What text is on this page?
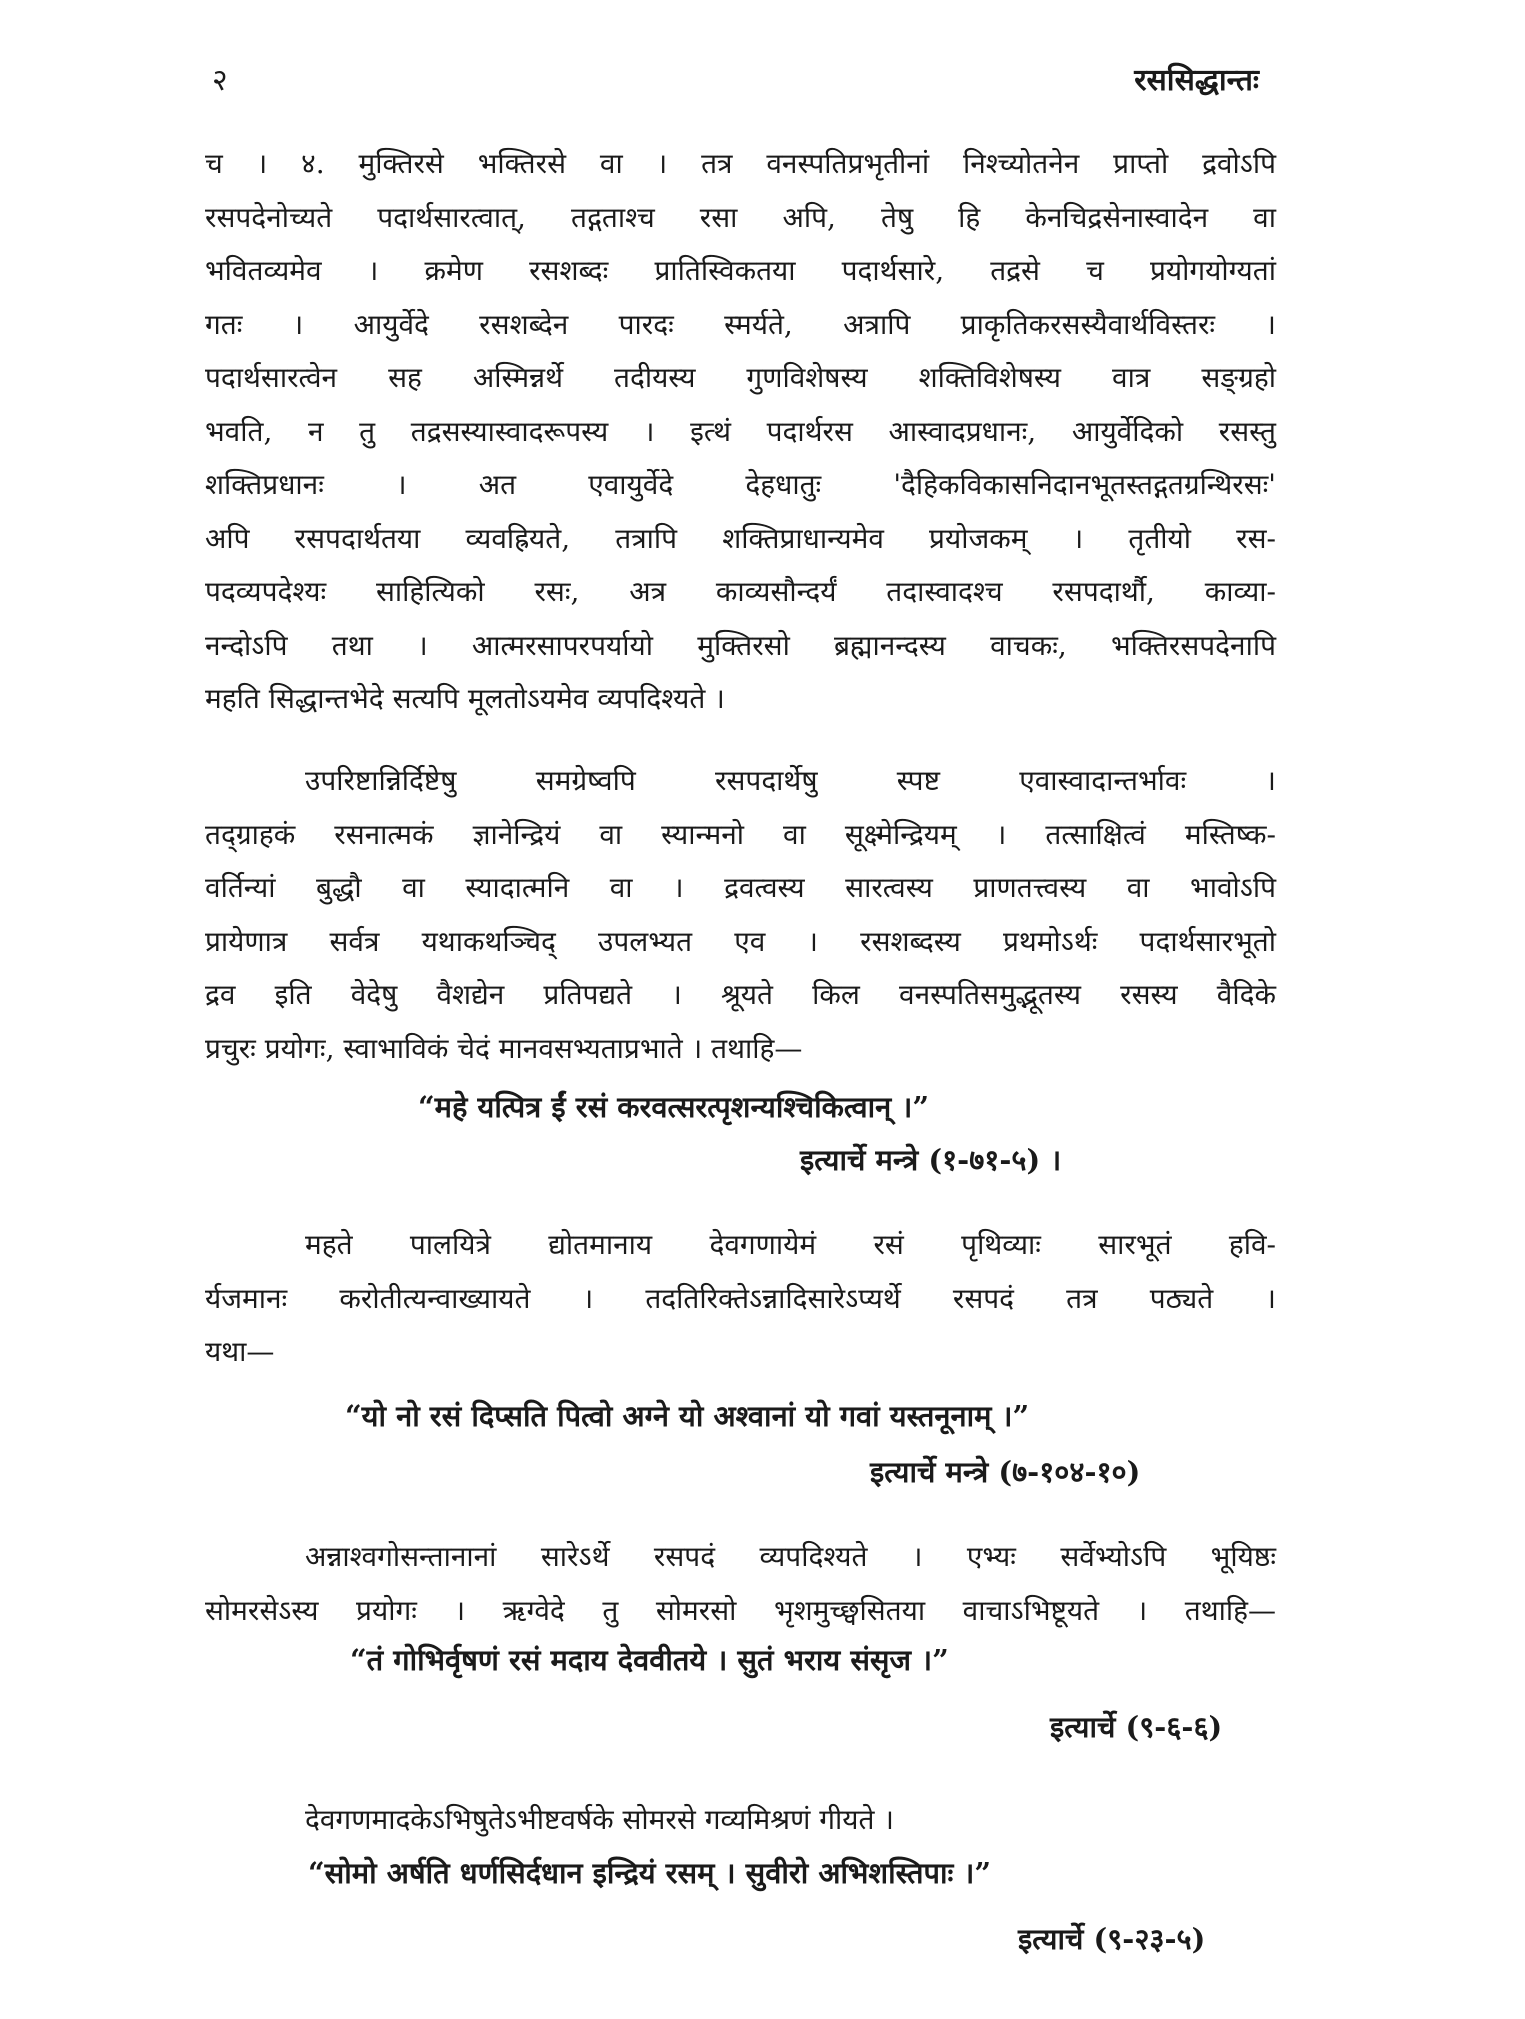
२	रससिद्धान्तः
च । ४. मुक्तिरसे भक्तिरसे वा । तत्र वनस्पतिप्रभृतीनां निश्च्योतनेन प्राप्तो द्रवोऽपि
रसपदेनोच्यते पदार्थसारत्वात्, तद्गताश्च रसा अपि, तेषु हि केनचिद्रसेनास्वादेन वा
भवितव्यमेव । क्रमेण रसशब्दः प्रातिस्विकतया पदार्थसारे, तद्रसे च प्रयोगयोग्यतां
गतः । आयुर्वेदे रसशब्देन पारदः स्मर्यते, अत्रापि प्राकृतिकरसस्यैवार्थविस्तरः ।
पदार्थसारत्वेन सह अस्मिन्नर्थे तदीयस्य गुणविशेषस्य शक्तिविशेषस्य वात्र सङ्ग्रहो
भवति, न तु तद्रसस्यास्वादरूपस्य । इत्थं पदार्थरस आस्वादप्रधानः, आयुर्वेदिको रसस्तु
शक्तिप्रधानः । अत एवायुर्वेदे देहधातुः 'दैहिकविकासनिदानभूतस्तद्गतग्रन्थिरसः'
अपि रसपदार्थतया व्यवह्रियते, तत्रापि शक्तिप्राधान्यमेव प्रयोजकम् । तृतीयो रस-
पदव्यपदेश्यः साहित्यिको रसः, अत्र काव्यसौन्दर्यं तदास्वादश्च रसपदार्थौ, काव्या-
नन्दोऽपि तथा । आत्मरसापरपर्यायो मुक्तिरसो ब्रह्मानन्दस्य वाचकः, भक्तिरसपदेनापि
महति सिद्धान्तभेदे सत्यपि मूलतोऽयमेव व्यपदिश्यते ।
उपरिष्टान्निर्दिष्टेषु समग्रेष्वपि रसपदार्थेषु स्पष्ट एवास्वादान्तर्भावः ।
तद्ग्राहकं रसनात्मकं ज्ञानेन्द्रियं वा स्यान्मनो वा सूक्ष्मेन्द्रियम् । तत्साक्षित्वं मस्तिष्क-
वर्तिन्यां बुद्धौ वा स्यादात्मनि वा । द्रवत्वस्य सारत्वस्य प्राणतत्त्वस्य वा भावोऽपि
प्रायेणात्र सर्वत्र यथाकथञ्चिद् उपलभ्यत एव । रसशब्दस्य प्रथमोऽर्थः पदार्थसारभूतो
द्रव इति वेदेषु वैशद्येन प्रतिपद्यते । श्रूयते किल वनस्पतिसमुद्भूतस्य रसस्य वैदिके
प्रचुरः प्रयोगः, स्वाभाविकं चेदं मानवसभ्यताप्रभाते । तथाहि—
“महे यत्पित्र ईं रसं करवत्सरत्पृशन्यश्चिकित्वान् ।”
इत्यार्चे मन्त्रे (१-७१-५) ।
महते पालयित्रे द्योतमानाय देवगणायेमं रसं पृथिव्याः सारभूतं हवि-
र्यजमानः करोतीत्यन्वाख्यायते । तदतिरिक्तेऽन्नादिसारेऽप्यर्थे रसपदं तत्र पठ्यते ।
यथा—
“यो नो रसं दिप्सति पित्वो अग्ने यो अश्वानां यो गवां यस्तनूनाम् ।”
इत्यार्चे मन्त्रे (७-१०४-१०)
अन्नाश्वगोसन्तानानां सारेऽर्थे रसपदं व्यपदिश्यते । एभ्यः सर्वेभ्योऽपि भूयिष्ठः
सोमरसेऽस्य प्रयोगः । ऋग्वेदे तु सोमरसो भृशमुच्छ्वसितया वाचाऽभिष्टूयते । तथाहि—
“तं गोभिर्वृषणं रसं मदाय देववीतये । सुतं भराय संसृज ।”
इत्यार्चे (९-६-६)
देवगणमादकेऽभिषुतेऽभीष्टवर्षके सोमरसे गव्यमिश्रणं गीयते ।
“सोमो अर्षति धर्णसिर्दधान इन्द्रियं रसम् । सुवीरो अभिशस्तिपाः ।”
इत्यार्चे (९-२३-५)
